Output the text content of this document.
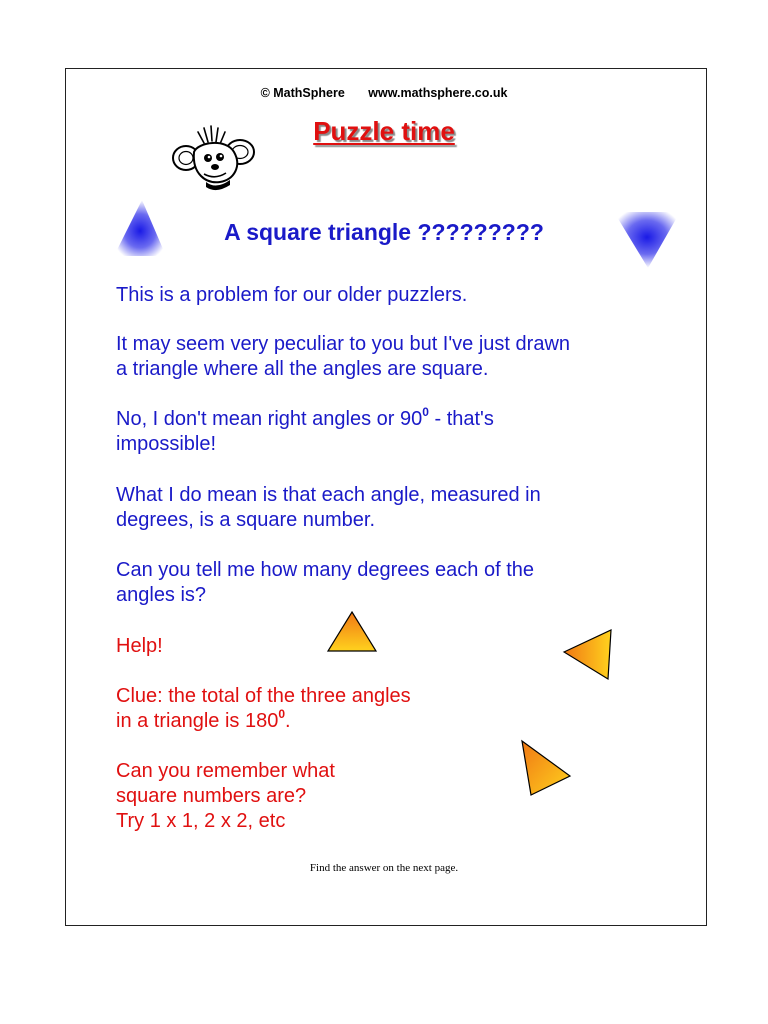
© MathSphere www.mathsphere.co.uk
Puzzle time
A square triangle ?????????
This is a problem for our older puzzlers.
It may seem very peculiar to you but I've just drawn
a triangle where all the angles are square.
No, I don't mean right angles or $90^0$ - that's
impossible!
What I do mean is that each angle, measured in
degrees, is a square number.
Can you tell me how many degrees each of the
angles is?
Help!
Clue: the total of the three angles
in a triangle is $180^0$.
Can you remember what
square numbers are?
Try 1 x 1, 2 x 2, etc
Find the answer on the next page.
